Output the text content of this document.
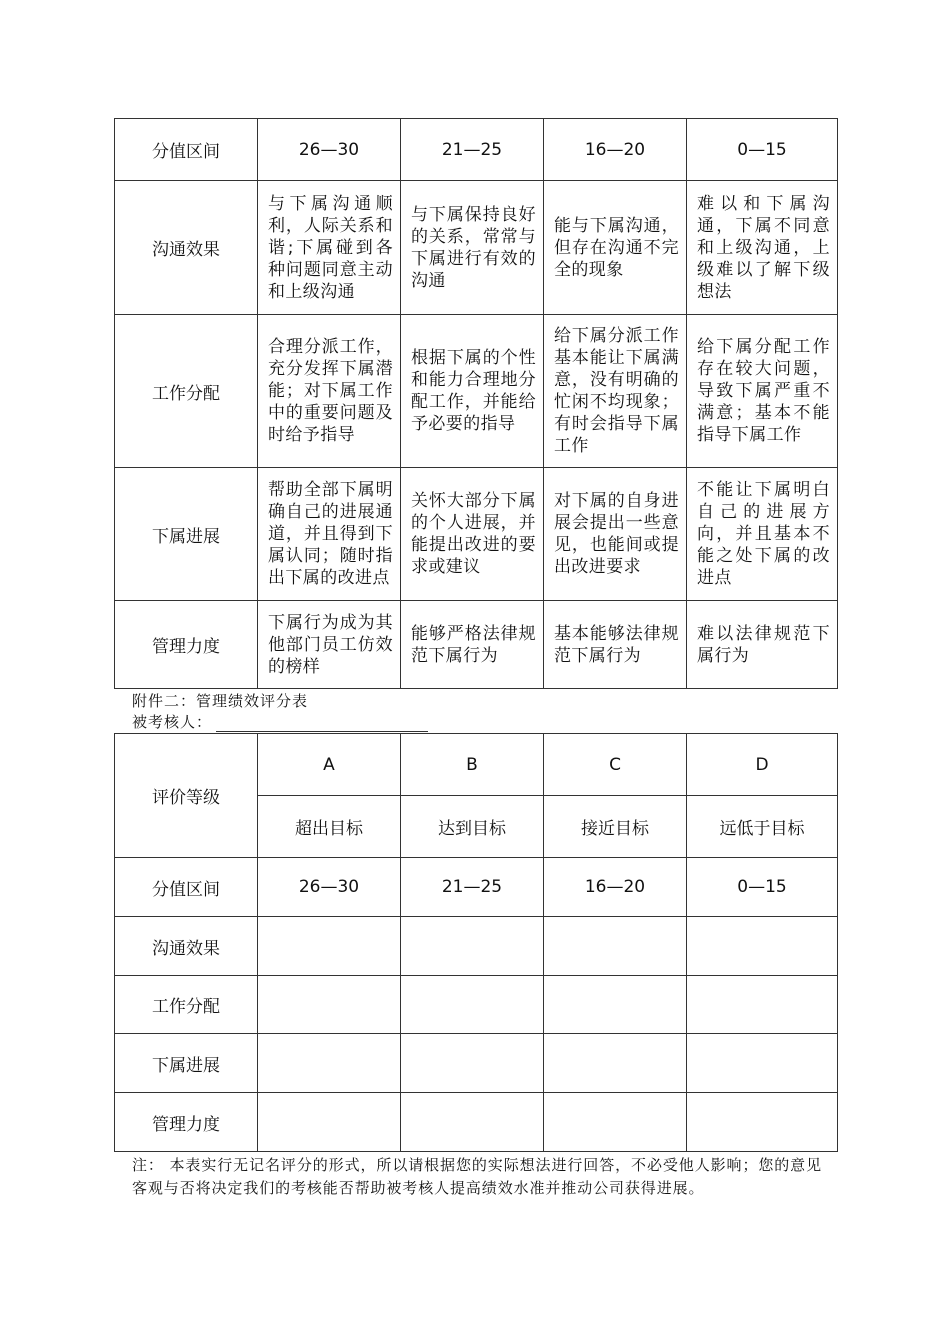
分值区间	26—30	21—25	16—20	0—15
沟通效果	与下属沟通顺利，人际关系和谐;下属碰到各种问题同意主动和上级沟通	与下属保持良好的关系，常常与下属进行有效的沟通	能与下属沟通，但存在沟通不完全的现象	难以和下属沟通，下属不同意和上级沟通，上级难以了解下级想法
工作分配	合理分派工作，充分发挥下属潜能；对下属工作中的重要问题及时给予指导	根据下属的个性和能力合理地分配工作，并能给予必要的指导	给下属分派工作基本能让下属满意，没有明确的忙闲不均现象；有时会指导下属工作	给下属分配工作存在较大问题，导致下属严重不满意；基本不能指导下属工作
下属进展	帮助全部下属明确自己的进展通道，并且得到下属认同；随时指出下属的改进点	关怀大部分下属的个人进展，并能提出改进的要求或建议	对下属的自身进展会提出一些意见，也能间或提出改进要求	不能让下属明白自己的进展方向，并且基本不能之处下属的改进点
管理力度	下属行为成为其他部门员工仿效的榜样	能够严格法律规范下属行为	基本能够法律规范下属行为	难以法律规范下属行为
附件二：管理绩效评分表
被考核人：
评价等级	A	B	C	D
	超出目标	达到目标	接近目标	远低于目标
分值区间	26—30	21—25	16—20	0—15
沟通效果				
工作分配				
下属进展				
管理力度				
注： 本表实行无记名评分的形式，所以请根据您的实际想法进行回答，不必受他人影响；您的意见客观与否将决定我们的考核能否帮助被考核人提高绩效水准并推动公司获得进展。
